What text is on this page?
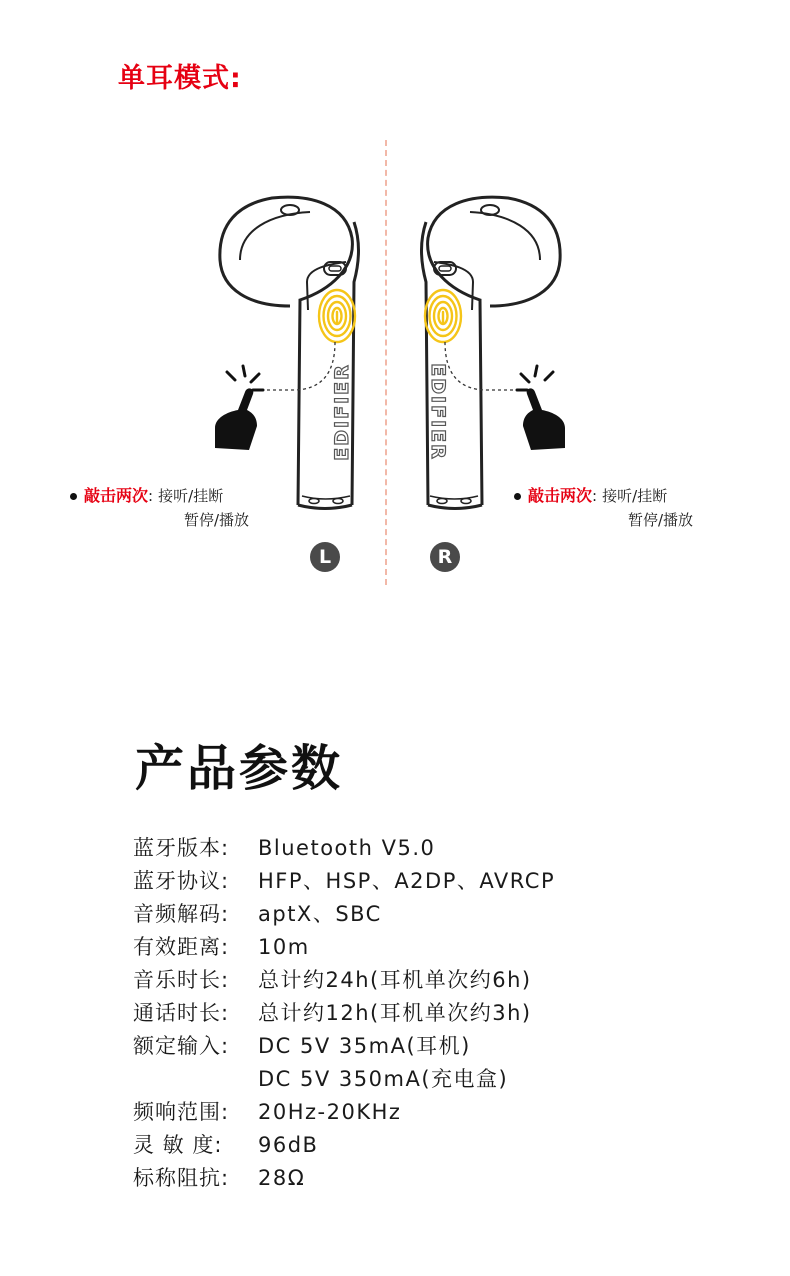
单耳模式:
EDIFIER	EDIFIER
敲击两次: 接听/挂断
暂停/播放
敲击两次: 接听/挂断
暂停/播放
L	R
产品参数
蓝牙版本: Bluetooth V5.0
蓝牙协议: HFP、HSP、A2DP、AVRCP
音频解码: aptX、SBC
有效距离: 10m
音乐时长: 总计约24h(耳机单次约6h)
通话时长: 总计约12h(耳机单次约3h)
额定输入: DC 5V 35mA(耳机)
DC 5V 350mA(充电盒)
频响范围: 20Hz-20KHz
灵 敏 度: 96dB
标称阻抗: 28Ω
